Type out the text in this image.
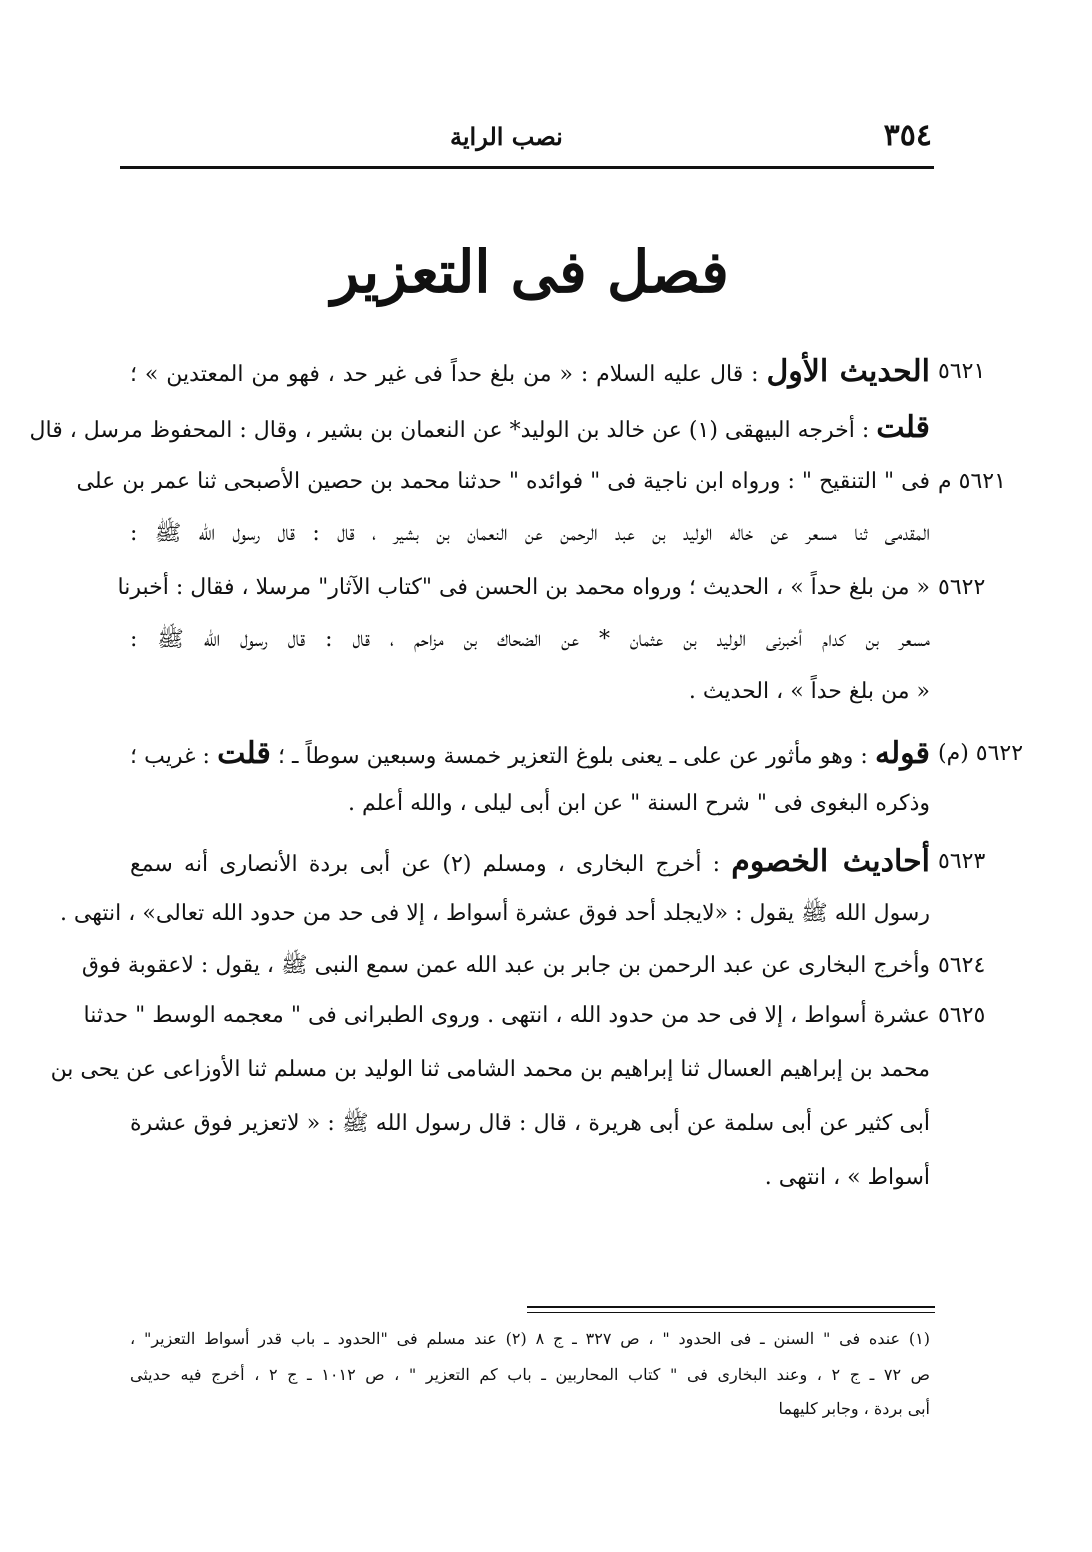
٣٥٤
نصب الراية
فصل فى التعزير
٥٦٢١
٥٦٢١ م
٥٦٢٢
٥٦٢٢ (م)
٥٦٢٣
٥٦٢٤
٥٦٢٥
الحديث الأول : قال عليه السلام : « من بلغ حداً فى غير حد ، فهو من المعتدين » ؛
قلت : أخرجه البيهقى (١) عن خالد بن الوليد* عن النعمان بن بشير ، وقال : المحفوظ مرسل ، قال
فى " التنقيح " : ورواه ابن ناجية فى " فوائده " حدثنا محمد بن حصين الأصبحى ثنا عمر بن على
المقدمى ثنا مسعر عن خاله الوليد بن عبد الرحمن عن النعمان بن بشير ، قال : قال رسول الله ﷺ :
« من بلغ حداً » ، الحديث ؛ ورواه محمد بن الحسن فى "كتاب الآثار" مرسلا ، فقال : أخبرنا
مسعر بن كدام أخبرنى الوليد بن عثمان * عن الضحاك بن مزاحم ، قال : قال رسول الله ﷺ :
« من بلغ حداً » ، الحديث .
قوله : وهو مأثور عن على ـ يعنى بلوغ التعزير خمسة وسبعين سوطاً ـ ؛ قلت : غريب ؛
وذكره البغوى فى " شرح السنة " عن ابن أبى ليلى ، والله أعلم .
أحاديث الخصوم : أخرج البخارى ، ومسلم (٢) عن أبى بردة الأنصارى أنه سمع
رسول الله ﷺ يقول : «لايجلد أحد فوق عشرة أسواط ، إلا فى حد من حدود الله تعالى» ، انتهى .
وأخرج البخارى عن عبد الرحمن بن جابر بن عبد الله عمن سمع النبى ﷺ ، يقول : لاعقوبة فوق
عشرة أسواط ، إلا فى حد من حدود الله ، انتهى . وروى الطبرانى فى " معجمه الوسط " حدثنا
محمد بن إبراهيم العسال ثنا إبراهيم بن محمد الشامى ثنا الوليد بن مسلم ثنا الأوزاعى عن يحى بن
أبى كثير عن أبى سلمة عن أبى هريرة ، قال : قال رسول الله ﷺ : « لاتعزير فوق عشرة
أسواط » ، انتهى .
(١) عنده فى " السنن ـ فى الحدود " ، ص ٣٢٧ ـ ج ٨ (٢) عند مسلم فى "الحدود ـ باب قدر أسواط التعزير" ،
ص ٧٢ ـ ج ٢ ، وعند البخارى فى " كتاب المحاربين ـ باب كم التعزير " ، ص ١٠١٢ ـ ج ٢ ، أخرج فيه حديثى
أبى بردة ، وجابر كليهما
